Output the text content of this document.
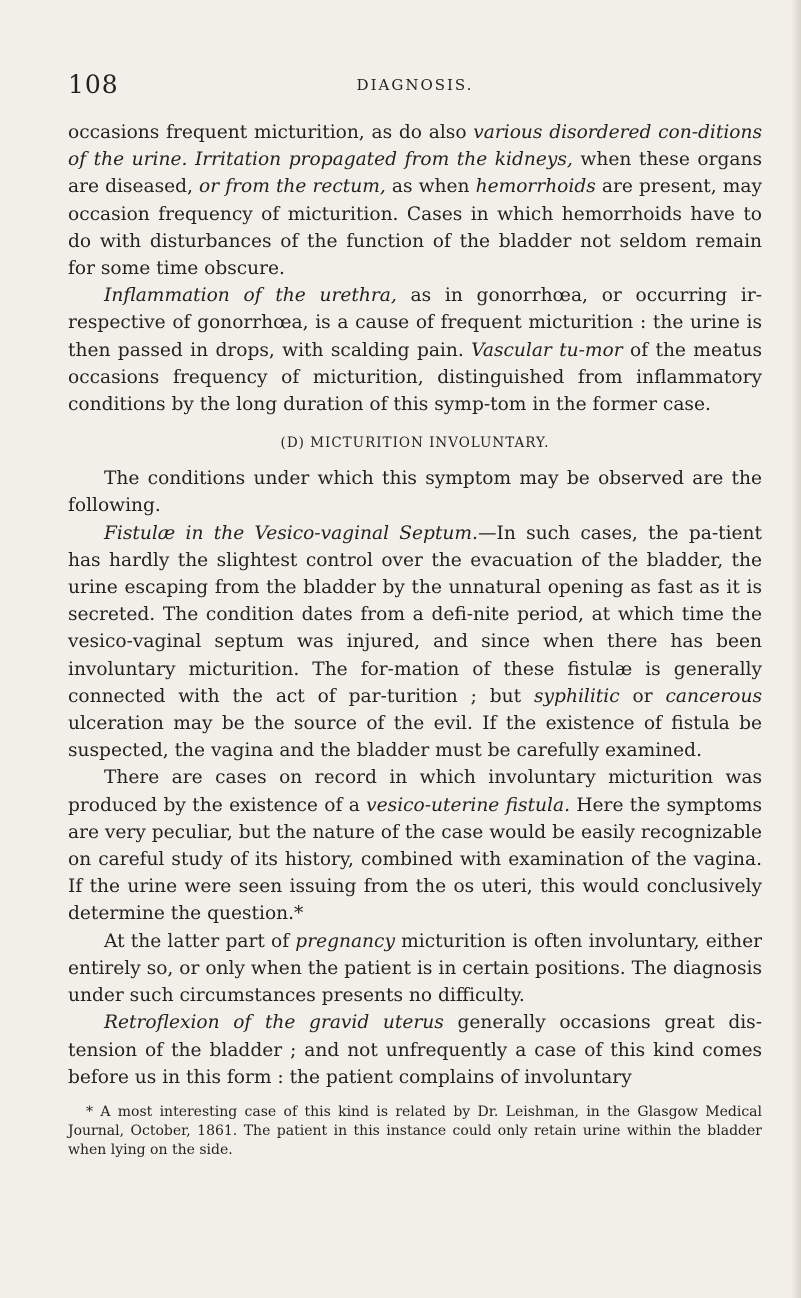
108	DIAGNOSIS.

occasions frequent micturition, as do also various disordered con-ditions of the urine. Irritation propagated from the kidneys, when these organs are diseased, or from the rectum, as when hemorrhoids are present, may occasion frequency of micturition. Cases in which hemorrhoids have to do with disturbances of the function of the bladder not seldom remain for some time obscure.

Inflammation of the urethra, as in gonorrhœa, or occurring ir-respective of gonorrhœa, is a cause of frequent micturition : the urine is then passed in drops, with scalding pain. Vascular tu-mor of the meatus occasions frequency of micturition, distinguished from inflammatory conditions by the long duration of this symp-tom in the former case.

(D) MICTURITION INVOLUNTARY.

The conditions under which this symptom may be observed are the following.

Fistulæ in the Vesico-vaginal Septum.—In such cases, the pa-tient has hardly the slightest control over the evacuation of the bladder, the urine escaping from the bladder by the unnatural opening as fast as it is secreted. The condition dates from a defi-nite period, at which time the vesico-vaginal septum was injured, and since when there has been involuntary micturition. The for-mation of these fistulæ is generally connected with the act of par-turition ; but syphilitic or cancerous ulceration may be the source of the evil. If the existence of fistula be suspected, the vagina and the bladder must be carefully examined.

There are cases on record in which involuntary micturition was produced by the existence of a vesico-uterine fistula. Here the symptoms are very peculiar, but the nature of the case would be easily recognizable on careful study of its history, combined with examination of the vagina. If the urine were seen issuing from the os uteri, this would conclusively determine the question.*

At the latter part of pregnancy micturition is often involuntary, either entirely so, or only when the patient is in certain positions. The diagnosis under such circumstances presents no difficulty.

Retroflexion of the gravid uterus generally occasions great dis-tension of the bladder ; and not unfrequently a case of this kind comes before us in this form : the patient complains of involuntary

* A most interesting case of this kind is related by Dr. Leishman, in the Glasgow Medical Journal, October, 1861. The patient in this instance could only retain urine within the bladder when lying on the side.
